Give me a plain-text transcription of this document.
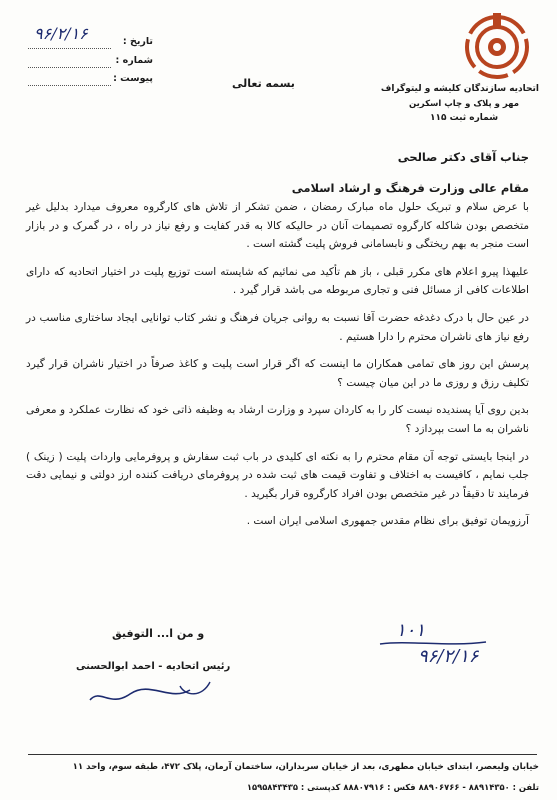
اتحادیه سازندگان کلیشه و لیتوگراف
مهر و پلاک و چاپ اسکرین
شماره ثبت ۱۱۵
تاریخ :
شماره :
پیوست :
۹۶/۲/۱۶
بسمه تعالی
جناب آقای دکتر صالحی
مقام عالی وزارت فرهنگ و ارشاد اسلامی

با عرض سلام و تبریک حلول ماه مبارک رمضان ، ضمن تشکر از تلاش های کارگروه معروف میدارد بدلیل غیر متخصص بودن شاکله کارگروه تصمیمات آنان در حالیکه کالا به قدر کفایت و رفع نیاز در راه ، در گمرک و در بازار است منجر به بهم ریختگی و نابسامانی فروش پلیت گشته است .

علیهذا پیرو اعلام های مکرر قبلی ، باز هم تأکید می نمائیم که شایسته است توزیع پلیت در اختیار اتحادیه که دارای اطلاعات کافی از مسائل فنی و تجاری مربوطه می باشد قرار گیرد .

در عین حال با درک دغدغه حضرت آقا نسبت به روانی جریان فرهنگ و نشر کتاب توانایی ایجاد ساختاری مناسب در رفع نیاز های ناشران محترم را دارا هستیم .

پرسش این روز های تمامی همکاران ما اینست که اگر قرار است پلیت و کاغذ صرفاً در اختیار ناشران قرار گیرد تکلیف رزق و روزی ما در این میان چیست ؟

بدین روی آیا پسندیده نیست کار را به کاردان سپرد و وزارت ارشاد به وظیفه ذاتی خود که نظارت عملکرد و معرفی ناشران به ما است بپردازد ؟

در اینجا بایستی توجه آن مقام محترم را به نکته ای کلیدی در باب ثبت سفارش و پروفرمایی واردات پلیت ( زینک ) جلب نمایم ، کافیست به اختلاف و تفاوت قیمت های ثبت شده در پروفرمای دریافت کننده ارز دولتی و نیمایی دقت فرمایند تا دقیقاً در غیر متخصص بودن افراد کارگروه قرار بگیرید .

آرزویمان توفیق برای نظام مقدس جمهوری اسلامی ایران است .

و من ا... التوفیق
رئیس اتحادیه - احمد ابوالحسنی
۱۰۱
۹۶/۲/۱۶
خیابان ولیعصر، ابتدای خیابان مطهری، بعد از خیابان سربداران، ساختمان آرمان، پلاک ۴۷۲، طبقه سوم، واحد ۱۱
تلفن : ۸۸۹۱۴۳۵۰ - ۸۸۹۰۶۷۶۶ فکس : ۸۸۸۰۷۹۱۶ کدپستی : ۱۵۹۵۸۴۳۴۳۵
